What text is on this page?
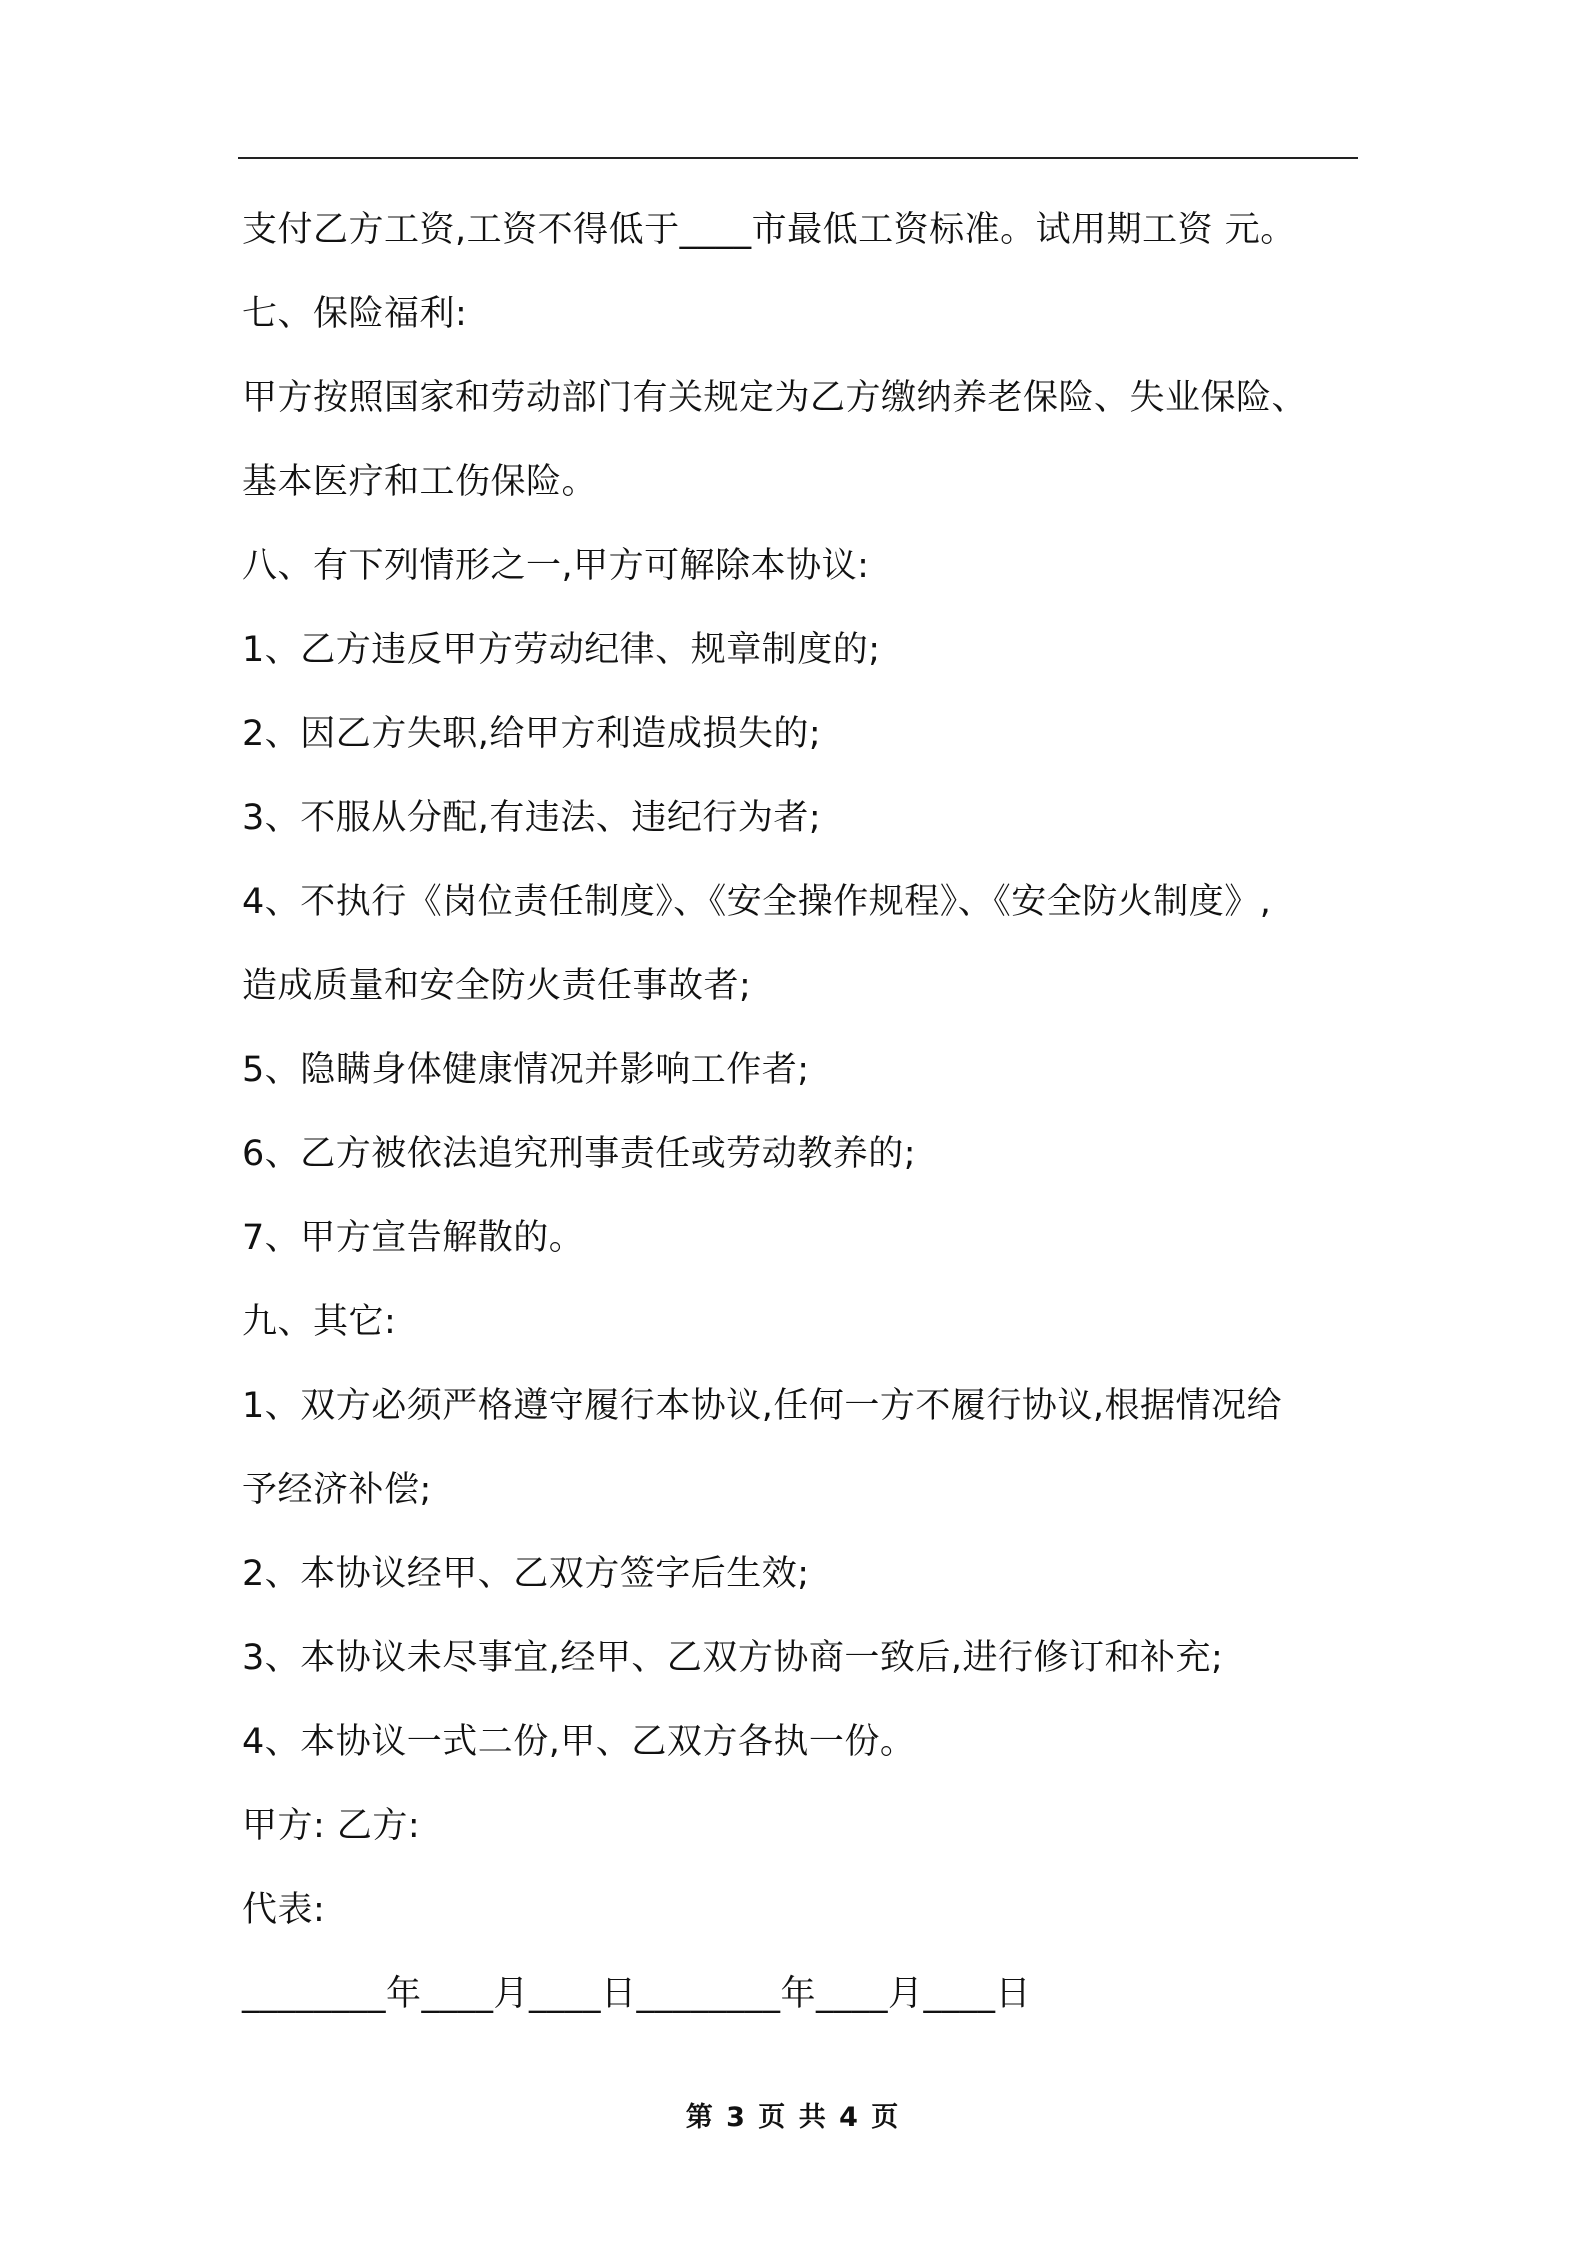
支付乙方工资,工资不得低于____市最低工资标准。试用期工资 元。
七、保险福利:
甲方按照国家和劳动部门有关规定为乙方缴纳养老保险、失业保险、
基本医疗和工伤保险。
八、有下列情形之一,甲方可解除本协议:
1、乙方违反甲方劳动纪律、规章制度的;
2、因乙方失职,给甲方利造成损失的;
3、不服从分配,有违法、违纪行为者;
4、不执行《岗位责任制度》、《安全操作规程》、《安全防火制度》,
造成质量和安全防火责任事故者;
5、隐瞒身体健康情况并影响工作者;
6、乙方被依法追究刑事责任或劳动教养的;
7、甲方宣告解散的。
九、其它:
1、双方必须严格遵守履行本协议,任何一方不履行协议,根据情况给
予经济补偿;
2、本协议经甲、乙双方签字后生效;
3、本协议未尽事宜,经甲、乙双方协商一致后,进行修订和补充;
4、本协议一式二份,甲、乙双方各执一份。
甲方: 乙方:
代表:
________年____月____日________年____月____日
第 3 页 共 4 页
